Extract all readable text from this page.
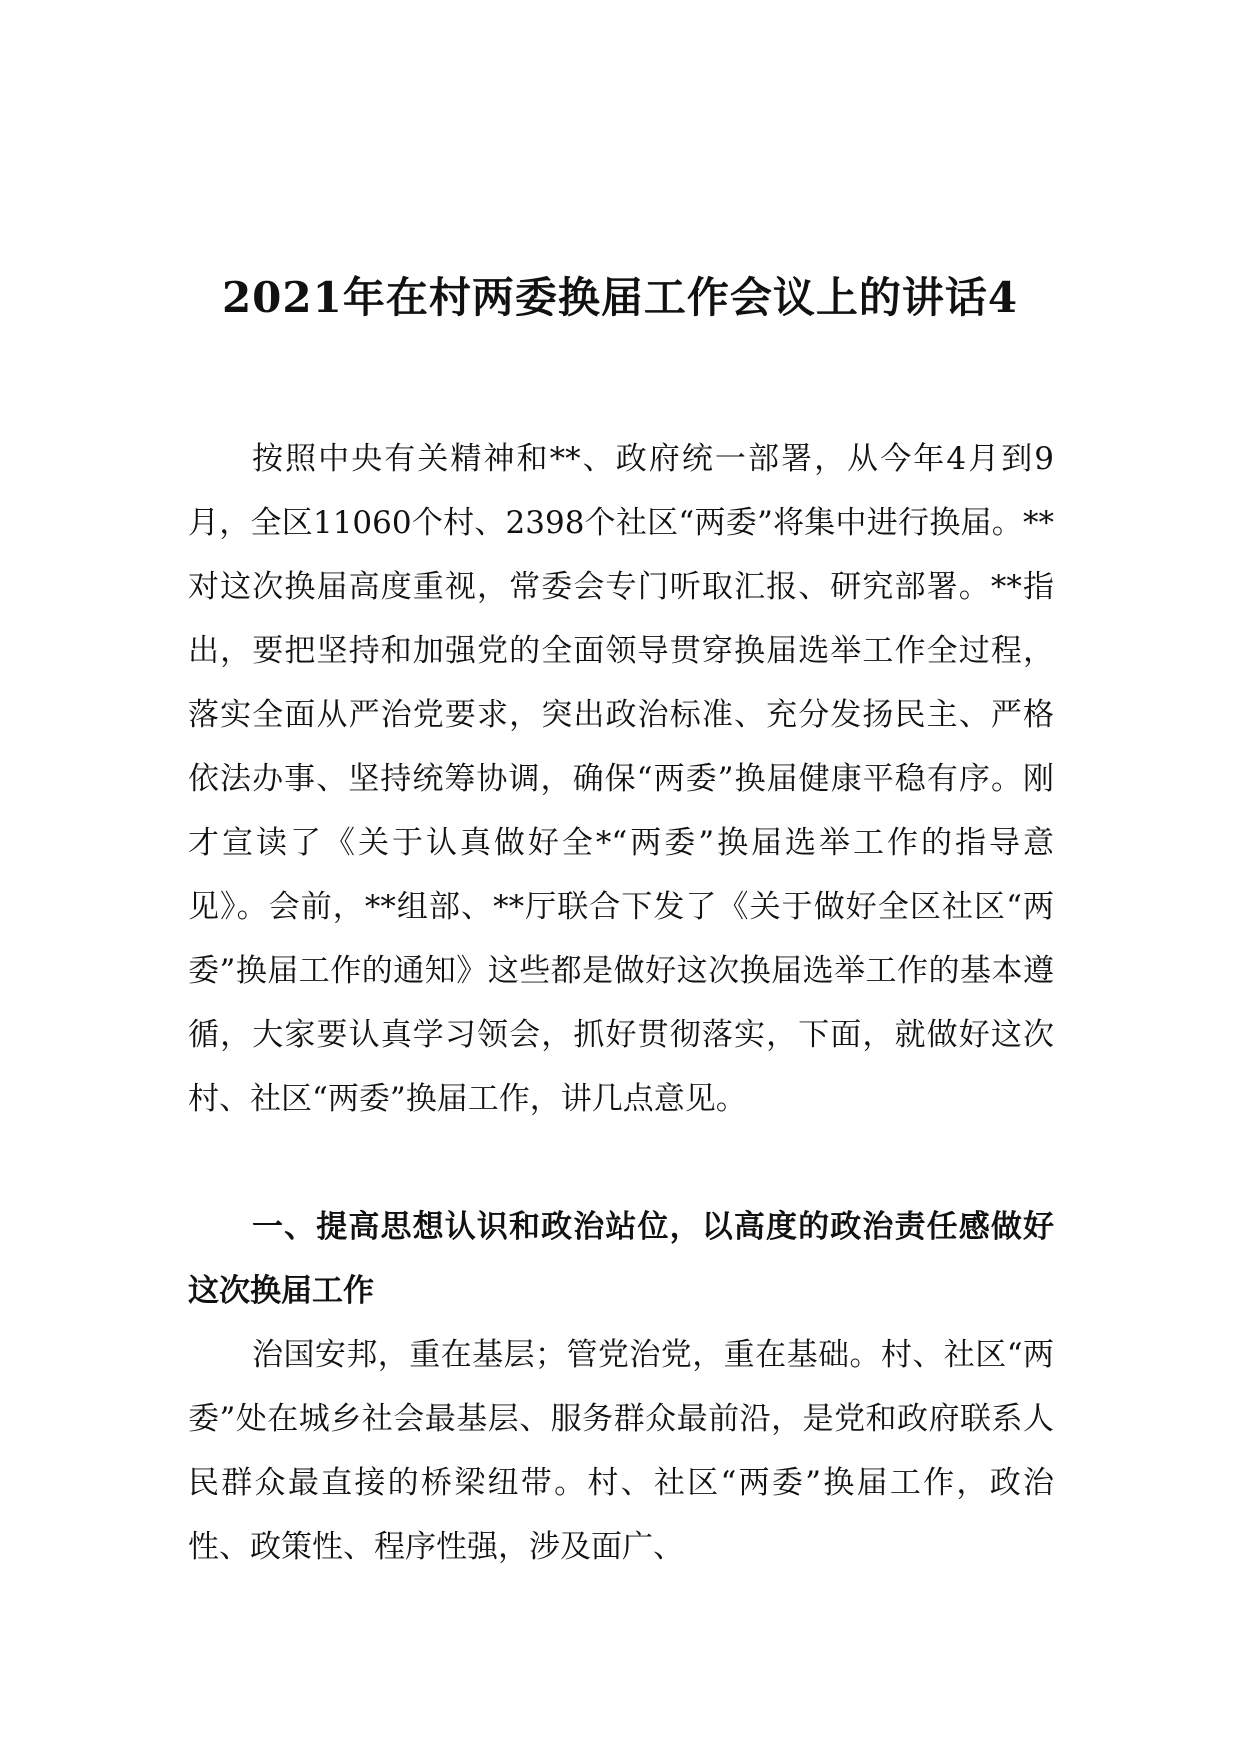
2021年在村两委换届工作会议上的讲话4

按照中央有关精神和**、政府统一部署，从今年4月到9月，全区11060个村、2398个社区“两委”将集中进行换届。**对这次换届高度重视，常委会专门听取汇报、研究部署。**指出，要把坚持和加强党的全面领导贯穿换届选举工作全过程，落实全面从严治党要求，突出政治标准、充分发扬民主、严格依法办事、坚持统筹协调，确保“两委”换届健康平稳有序。刚才宣读了《关于认真做好全*“两委”换届选举工作的指导意见》。会前，**组部、**厅联合下发了《关于做好全区社区“两委”换届工作的通知》这些都是做好这次换届选举工作的基本遵循，大家要认真学习领会，抓好贯彻落实，下面，就做好这次村、社区“两委”换届工作，讲几点意见。

一、提高思想认识和政治站位，以高度的政治责任感做好这次换届工作

治国安邦，重在基层；管党治党，重在基础。村、社区“两委”处在城乡社会最基层、服务群众最前沿，是党和政府联系人民群众最直接的桥梁纽带。村、社区“两委”换届工作，政治性、政策性、程序性强，涉及面广、
